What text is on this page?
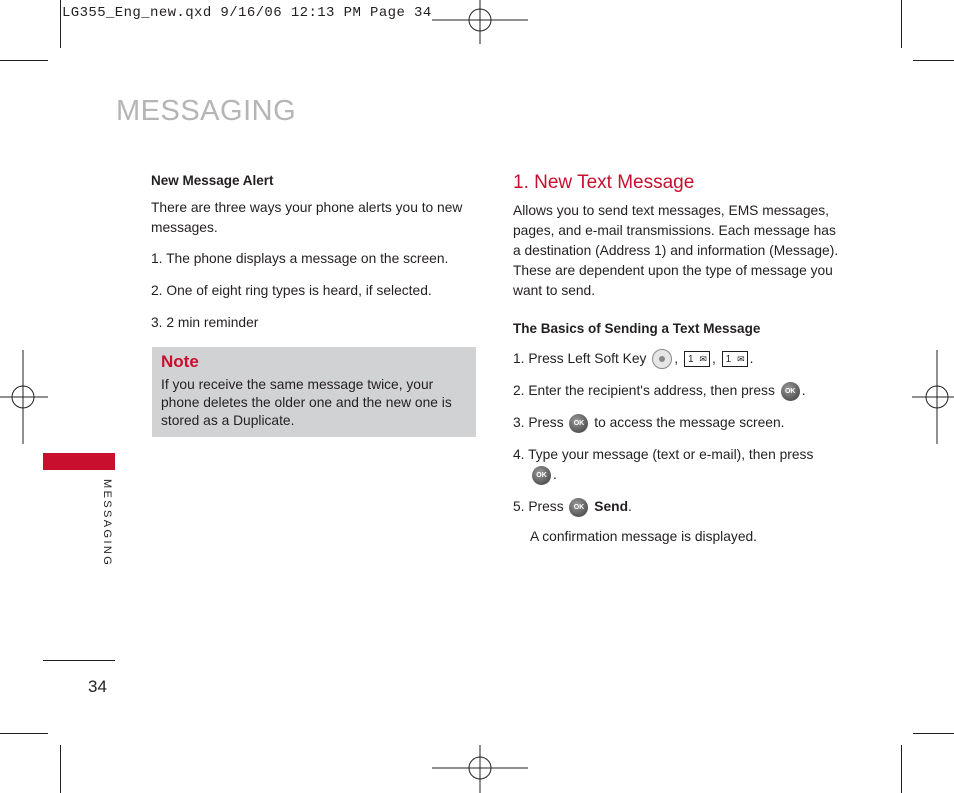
LG355_Eng_new.qxd 9/16/06 12:13 PM Page 34
MESSAGING
MESSAGING
34

New Message Alert

There are three ways your phone alerts you to new messages.

1. The phone displays a message on the screen.

2. One of eight ring types is heard, if selected.

3. 2 min reminder

Note
If you receive the same message twice, your phone deletes the older one and the new one is stored as a Duplicate.

1. New Text Message

Allows you to send text messages, EMS messages, pages, and e-mail transmissions. Each message has a destination (Address 1) and information (Message). These are dependent upon the type of message you want to send.

The Basics of Sending a Text Message

1. Press Left Soft Key , 1 ✉ , 1 ✉ .

2. Enter the recipient's address, then press OK .

3. Press OK to access the message screen.

4. Type your message (text or e-mail), then press
OK .

5. Press OK Send.

A confirmation message is displayed.
